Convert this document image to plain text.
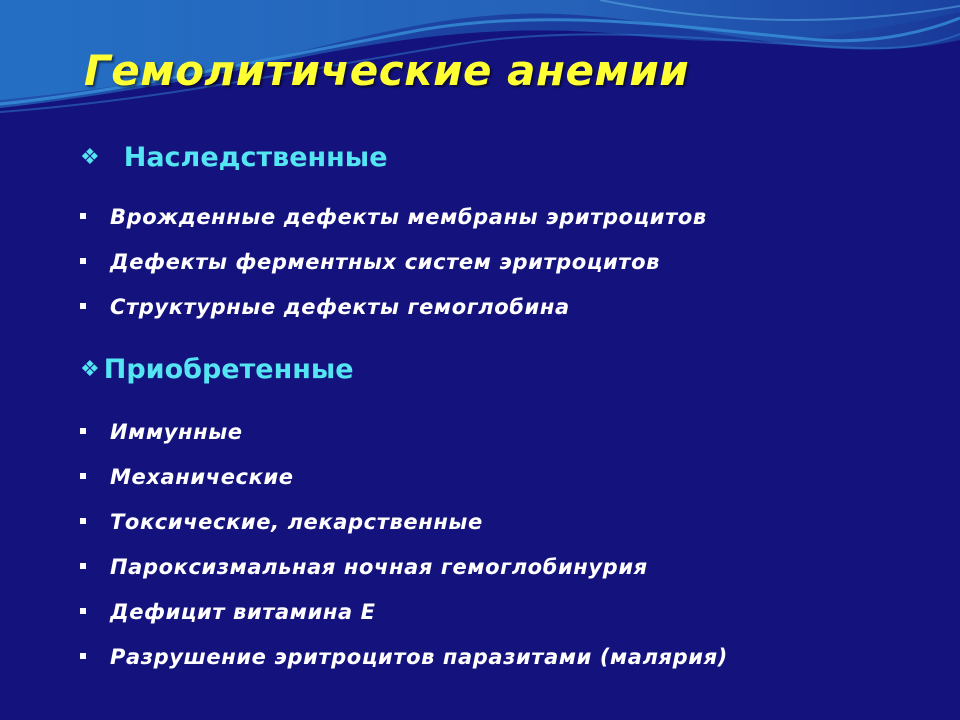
Гемолитические анемии
❖ Наследственные
Врожденные дефекты мембраны эритроцитов
Дефекты ферментных систем эритроцитов
Структурные дефекты гемоглобина
❖ Приобретенные
Иммунные
Механические
Токсические, лекарственные
Пароксизмальная ночная гемоглобинурия
Дефицит витамина Е
Разрушение эритроцитов паразитами (малярия)
